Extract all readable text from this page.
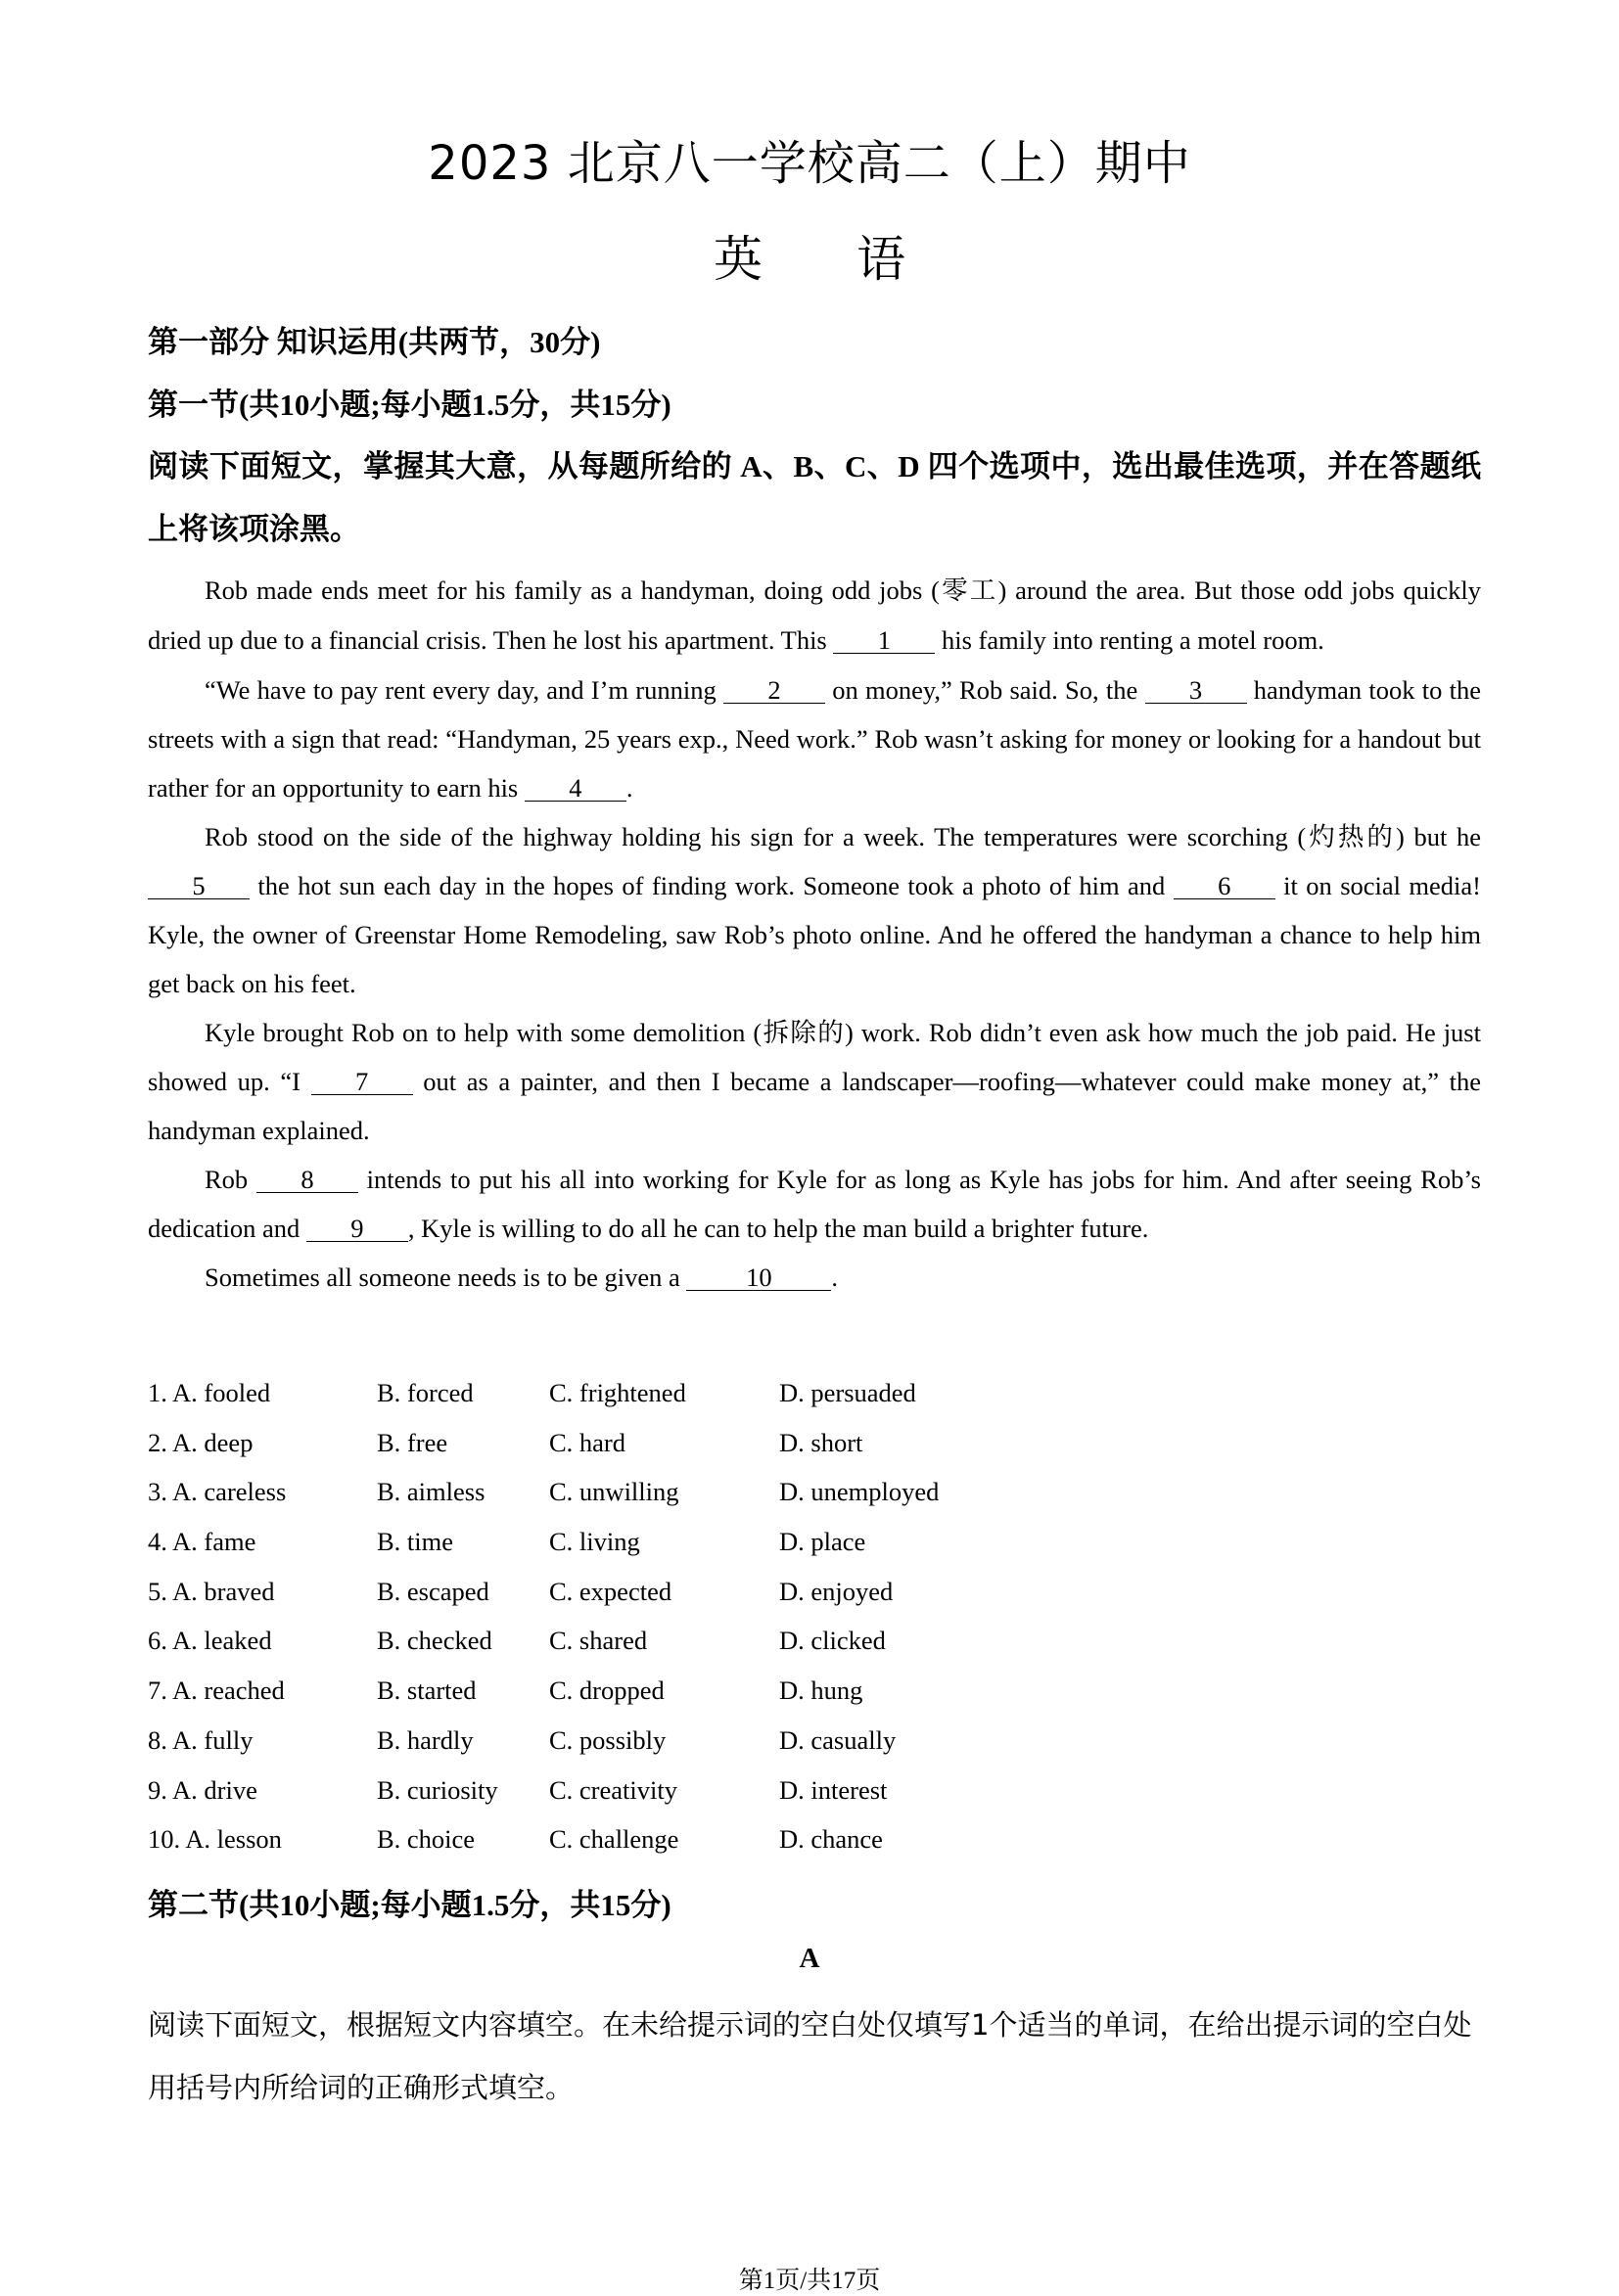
2023 北京八一学校高二（上）期中
英 语
第一部分 知识运用(共两节，30分)
第一节(共10小题;每小题1.5分，共15分)
阅读下面短文，掌握其大意，从每题所给的 A、B、C、D 四个选项中，选出最佳选项，并在答题纸上将该项涂黑。

Rob made ends meet for his family as a handyman, doing odd jobs (零工) around the area. But those odd jobs quickly dried up due to a financial crisis. Then he lost his apartment. This 1 his family into renting a motel room.

“We have to pay rent every day, and I’m running 2 on money,” Rob said. So, the 3 handyman took to the streets with a sign that read: “Handyman, 25 years exp., Need work.” Rob wasn’t asking for money or looking for a handout but rather for an opportunity to earn his 4 .

Rob stood on the side of the highway holding his sign for a week. The temperatures were scorching (灼热的) but he 5 the hot sun each day in the hopes of finding work. Someone took a photo of him and 6 it on social media! Kyle, the owner of Greenstar Home Remodeling, saw Rob’s photo online. And he offered the handyman a chance to help him get back on his feet.

Kyle brought Rob on to help with some demolition (拆除的) work. Rob didn’t even ask how much the job paid. He just showed up. “I 7 out as a painter, and then I became a landscaper—roofing—whatever could make money at,” the handyman explained.

Rob 8 intends to put his all into working for Kyle for as long as Kyle has jobs for him. And after seeing Rob’s dedication and 9 , Kyle is willing to do all he can to help the man build a brighter future.

Sometimes all someone needs is to be given a 10 .

1. A. fooled	B. forced	C. frightened	D. persuaded
2. A. deep	B. free	C. hard	D. short
3. A. careless	B. aimless C. unwilling	D. unemployed
4. A. fame	B. time	C. living	D. place
5. A. braved	B. escaped C. expected	D. enjoyed
6. A. leaked	B. checked C. shared	D. clicked
7. A. reached	B. started	C. dropped	D. hung
8. A. fully	B. hardly	C. possibly	D. casually
9. A. drive	B. curiosity C. creativity	D. interest
10. A. lesson	B. choice	C. challenge	D. chance
第二节(共10小题;每小题1.5分，共15分)
A
阅读下面短文，根据短文内容填空。在未给提示词的空白处仅填写1个适当的单词，在给出提示词的空白处用括号内所给词的正确形式填空。
第1页/共17页
